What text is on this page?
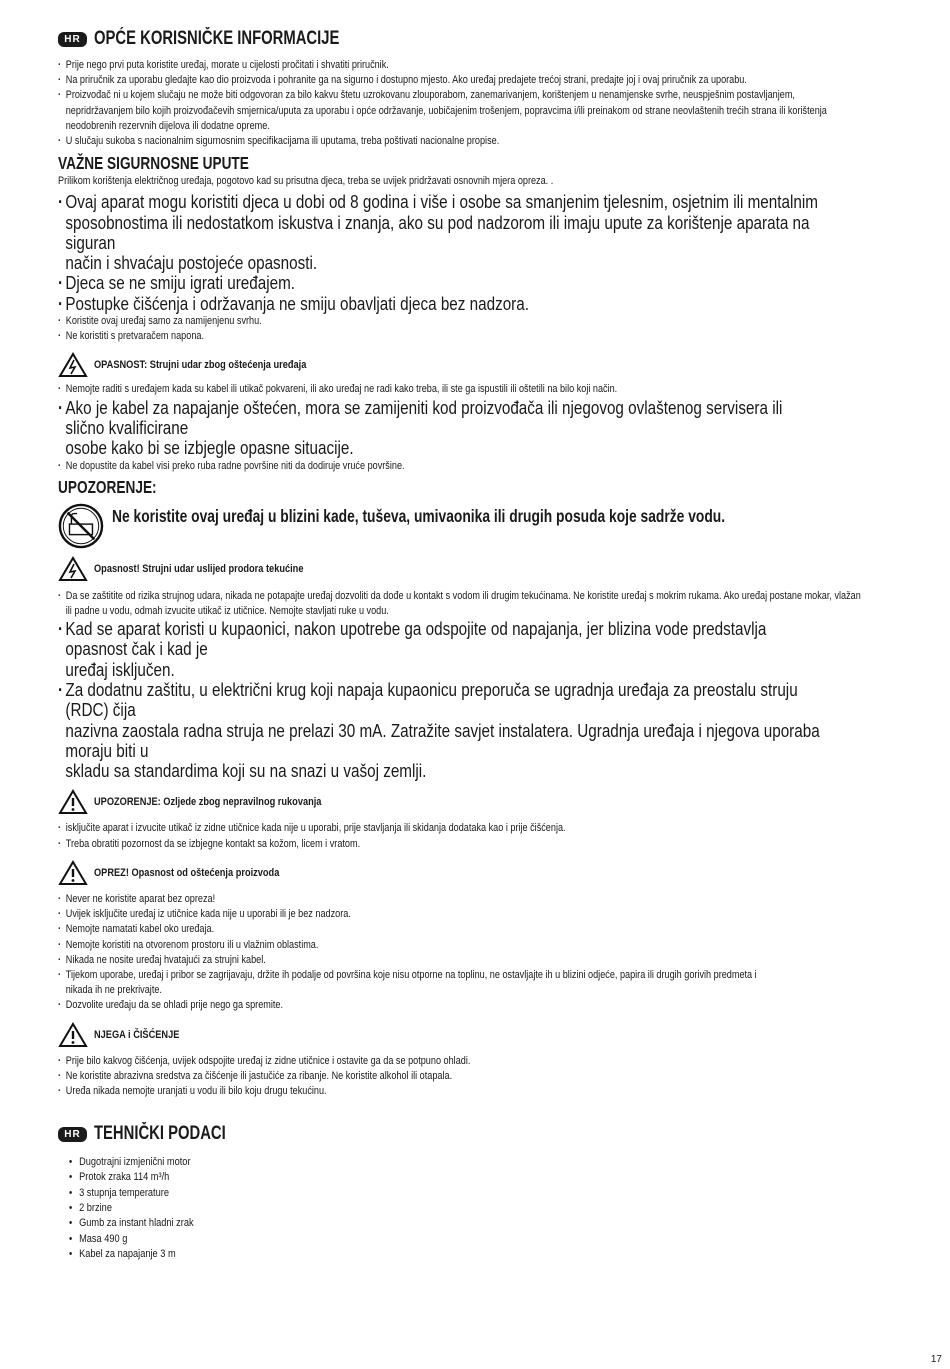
HR OPĆE KORISNIČKE INFORMACIJE
· Prije nego prvi puta koristite uređaj, morate u cijelosti pročitati i shvatiti priručnik.
· Na priručnik za uporabu gledajte kao dio proizvoda i pohranite ga na sigurno i dostupno mjesto. Ako uređaj predajete trećoj strani, predajte joj i ovaj priručnik za uporabu.
· Proizvođač ni u kojem slučaju ne može biti odgovoran za bilo kakvu štetu uzrokovanu zlouporabom, zanemarivanjem, korištenjem u nenamjenske svrhe, neuspješnim postavljanjem,
nepridržavanjem bilo kojih proizvođačevih smjernica/uputa za uporabu i opće održavanje, uobičajenim trošenjem, popravcima i/ili preinakom od strane neovlaštenih trećih strana ili korištenja
neodobrenih rezervnih dijelova ili dodatne opreme.
· U slučaju sukoba s nacionalnim sigurnosnim specifikacijama ili uputama, treba poštivati nacionalne propise.
VAŽNE SIGURNOSNE UPUTE
Prilikom korištenja električnog uređaja, pogotovo kad su prisutna djeca, treba se uvijek pridržavati osnovnih mjera opreza. .
· Ovaj aparat mogu koristiti djeca u dobi od 8 godina i više i osobe sa smanjenim tjelesnim, osjetnim ili mentalnim
sposobnostima ili nedostatkom iskustva i znanja, ako su pod nadzorom ili imaju upute za korištenje aparata na siguran
način i shvaćaju postojeće opasnosti.
· Djeca se ne smiju igrati uređajem.
· Postupke čišćenja i održavanja ne smiju obavljati djeca bez nadzora.
· Koristite ovaj uređaj samo za namijenjenu svrhu.
· Ne koristiti s pretvaračem napona.
OPASNOST: Strujni udar zbog oštećenja uređaja
· Nemojte raditi s uređajem kada su kabel ili utikač pokvareni, ili ako uređaj ne radi kako treba, ili ste ga ispustili ili oštetili na bilo koji način.
· Ako je kabel za napajanje oštećen, mora se zamijeniti kod proizvođača ili njegovog ovlaštenog servisera ili slično kvalificirane
osobe kako bi se izbjegle opasne situacije.
· Ne dopustite da kabel visi preko ruba radne površine niti da dodiruje vruće površine.
UPOZORENJE:
Ne koristite ovaj uređaj u blizini kade, tuševa, umivaonika ili drugih posuda koje sadrže vodu.
Opasnost! Strujni udar uslijed prodora tekućine
· Da se zaštitite od rizika strujnog udara, nikada ne potapajte uređaj dozvoliti da dođe u kontakt s vodom ili drugim tekućinama. Ne koristite uređaj s mokrim rukama. Ako uređaj postane mokar, vlažan
ili padne u vodu, odmah izvucite utikač iz utičnice. Nemojte stavljati ruke u vodu.
· Kad se aparat koristi u kupaonici, nakon upotrebe ga odspojite od napajanja, jer blizina vode predstavlja opasnost čak i kad je
uređaj isključen.
· Za dodatnu zaštitu, u električni krug koji napaja kupaonicu preporuča se ugradnja uređaja za preostalu struju (RDC) čija
nazivna zaostala radna struja ne prelazi 30 mA. Zatražite savjet instalatera. Ugradnja uređaja i njegova uporaba moraju biti u
skladu sa standardima koji su na snazi u vašoj zemlji.
UPOZORENJE: Ozljede zbog nepravilnog rukovanja
· isključite aparat i izvucite utikač iz zidne utičnice kada nije u uporabi, prije stavljanja ili skidanja dodataka kao i prije čišćenja.
· Treba obratiti pozornost da se izbjegne kontakt sa kožom, licem i vratom.
OPREZ! Opasnost od oštećenja proizvoda
· Never ne koristite aparat bez opreza!
· Uvijek isključite uređaj iz utičnice kada nije u uporabi ili je bez nadzora.
· Nemojte namatati kabel oko uređaja.
· Nemojte koristiti na otvorenom prostoru ili u vlažnim oblastima.
· Nikada ne nosite uređaj hvatajući za strujni kabel.
· Tijekom uporabe, uređaj i pribor se zagrijavaju, držite ih podalje od površina koje nisu otporne na toplinu, ne ostavljajte ih u blizini odjeće, papira ili drugih gorivih predmeta i
nikada ih ne prekrivajte.
· Dozvolite uređaju da se ohladi prije nego ga spremite.
NJEGA i ČIŠĆENJE
· Prije bilo kakvog čišćenja, uvijek odspojite uređaj iz zidne utičnice i ostavite ga da se potpuno ohladi.
· Ne koristite abrazivna sredstva za čišćenje ili jastučiće za ribanje. Ne koristite alkohol ili otapala.
· Uređa nikada nemojte uranjati u vodu ili bilo koju drugu tekućinu.
HR TEHNIČKI PODACI
• Dugotrajni izmjenični motor
• Protok zraka 114 m³/h
• 3 stupnja temperature
• 2 brzine
• Gumb za instant hladni zrak
• Masa 490 g
• Kabel za napajanje 3 m
17
